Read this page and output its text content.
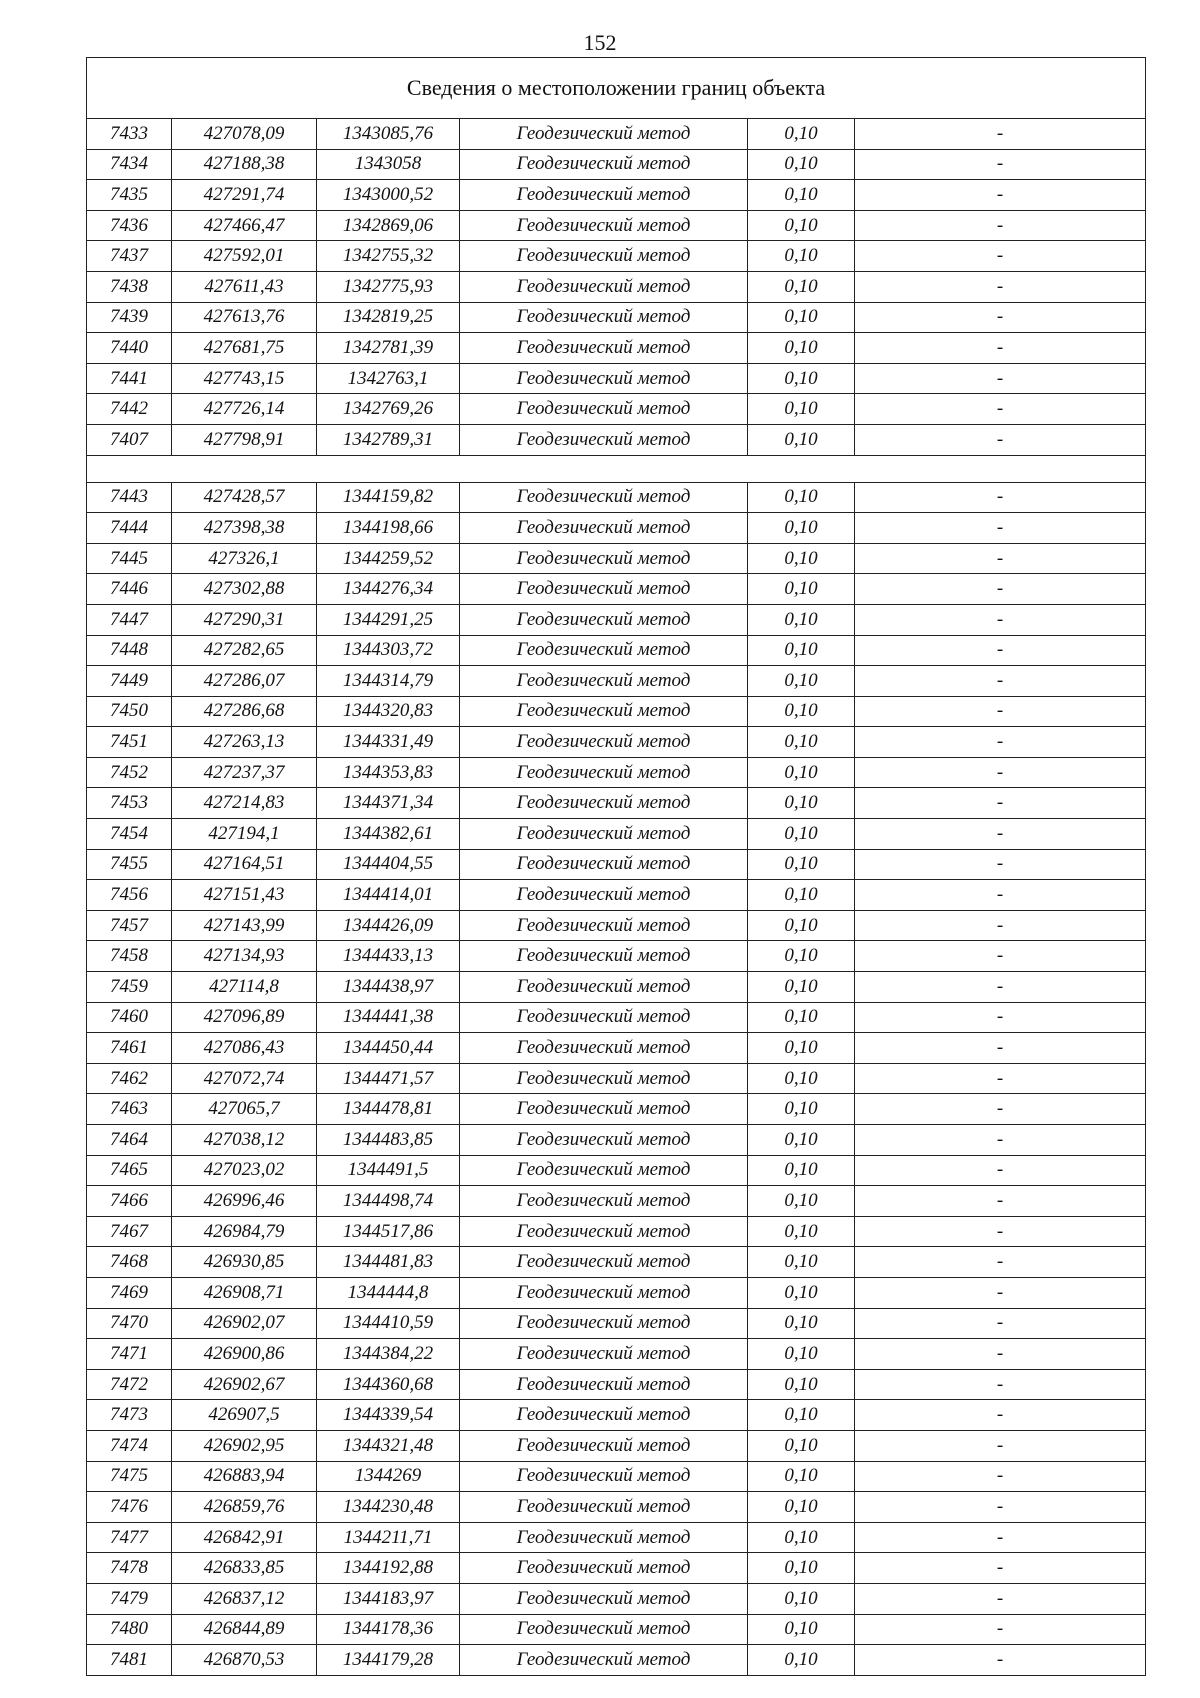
152
Сведения о местоположении границ объекта
7433	427078,09	1343085,76	Геодезический метод	0,10	-
7434	427188,38	1343058	Геодезический метод	0,10	-
7435	427291,74	1343000,52	Геодезический метод	0,10	-
7436	427466,47	1342869,06	Геодезический метод	0,10	-
7437	427592,01	1342755,32	Геодезический метод	0,10	-
7438	427611,43	1342775,93	Геодезический метод	0,10	-
7439	427613,76	1342819,25	Геодезический метод	0,10	-
7440	427681,75	1342781,39	Геодезический метод	0,10	-
7441	427743,15	1342763,1	Геодезический метод	0,10	-
7442	427726,14	1342769,26	Геодезический метод	0,10	-
7407	427798,91	1342789,31	Геодезический метод	0,10	-
7443	427428,57	1344159,82	Геодезический метод	0,10	-
7444	427398,38	1344198,66	Геодезический метод	0,10	-
7445	427326,1	1344259,52	Геодезический метод	0,10	-
7446	427302,88	1344276,34	Геодезический метод	0,10	-
7447	427290,31	1344291,25	Геодезический метод	0,10	-
7448	427282,65	1344303,72	Геодезический метод	0,10	-
7449	427286,07	1344314,79	Геодезический метод	0,10	-
7450	427286,68	1344320,83	Геодезический метод	0,10	-
7451	427263,13	1344331,49	Геодезический метод	0,10	-
7452	427237,37	1344353,83	Геодезический метод	0,10	-
7453	427214,83	1344371,34	Геодезический метод	0,10	-
7454	427194,1	1344382,61	Геодезический метод	0,10	-
7455	427164,51	1344404,55	Геодезический метод	0,10	-
7456	427151,43	1344414,01	Геодезический метод	0,10	-
7457	427143,99	1344426,09	Геодезический метод	0,10	-
7458	427134,93	1344433,13	Геодезический метод	0,10	-
7459	427114,8	1344438,97	Геодезический метод	0,10	-
7460	427096,89	1344441,38	Геодезический метод	0,10	-
7461	427086,43	1344450,44	Геодезический метод	0,10	-
7462	427072,74	1344471,57	Геодезический метод	0,10	-
7463	427065,7	1344478,81	Геодезический метод	0,10	-
7464	427038,12	1344483,85	Геодезический метод	0,10	-
7465	427023,02	1344491,5	Геодезический метод	0,10	-
7466	426996,46	1344498,74	Геодезический метод	0,10	-
7467	426984,79	1344517,86	Геодезический метод	0,10	-
7468	426930,85	1344481,83	Геодезический метод	0,10	-
7469	426908,71	1344444,8	Геодезический метод	0,10	-
7470	426902,07	1344410,59	Геодезический метод	0,10	-
7471	426900,86	1344384,22	Геодезический метод	0,10	-
7472	426902,67	1344360,68	Геодезический метод	0,10	-
7473	426907,5	1344339,54	Геодезический метод	0,10	-
7474	426902,95	1344321,48	Геодезический метод	0,10	-
7475	426883,94	1344269	Геодезический метод	0,10	-
7476	426859,76	1344230,48	Геодезический метод	0,10	-
7477	426842,91	1344211,71	Геодезический метод	0,10	-
7478	426833,85	1344192,88	Геодезический метод	0,10	-
7479	426837,12	1344183,97	Геодезический метод	0,10	-
7480	426844,89	1344178,36	Геодезический метод	0,10	-
7481	426870,53	1344179,28	Геодезический метод	0,10	-
